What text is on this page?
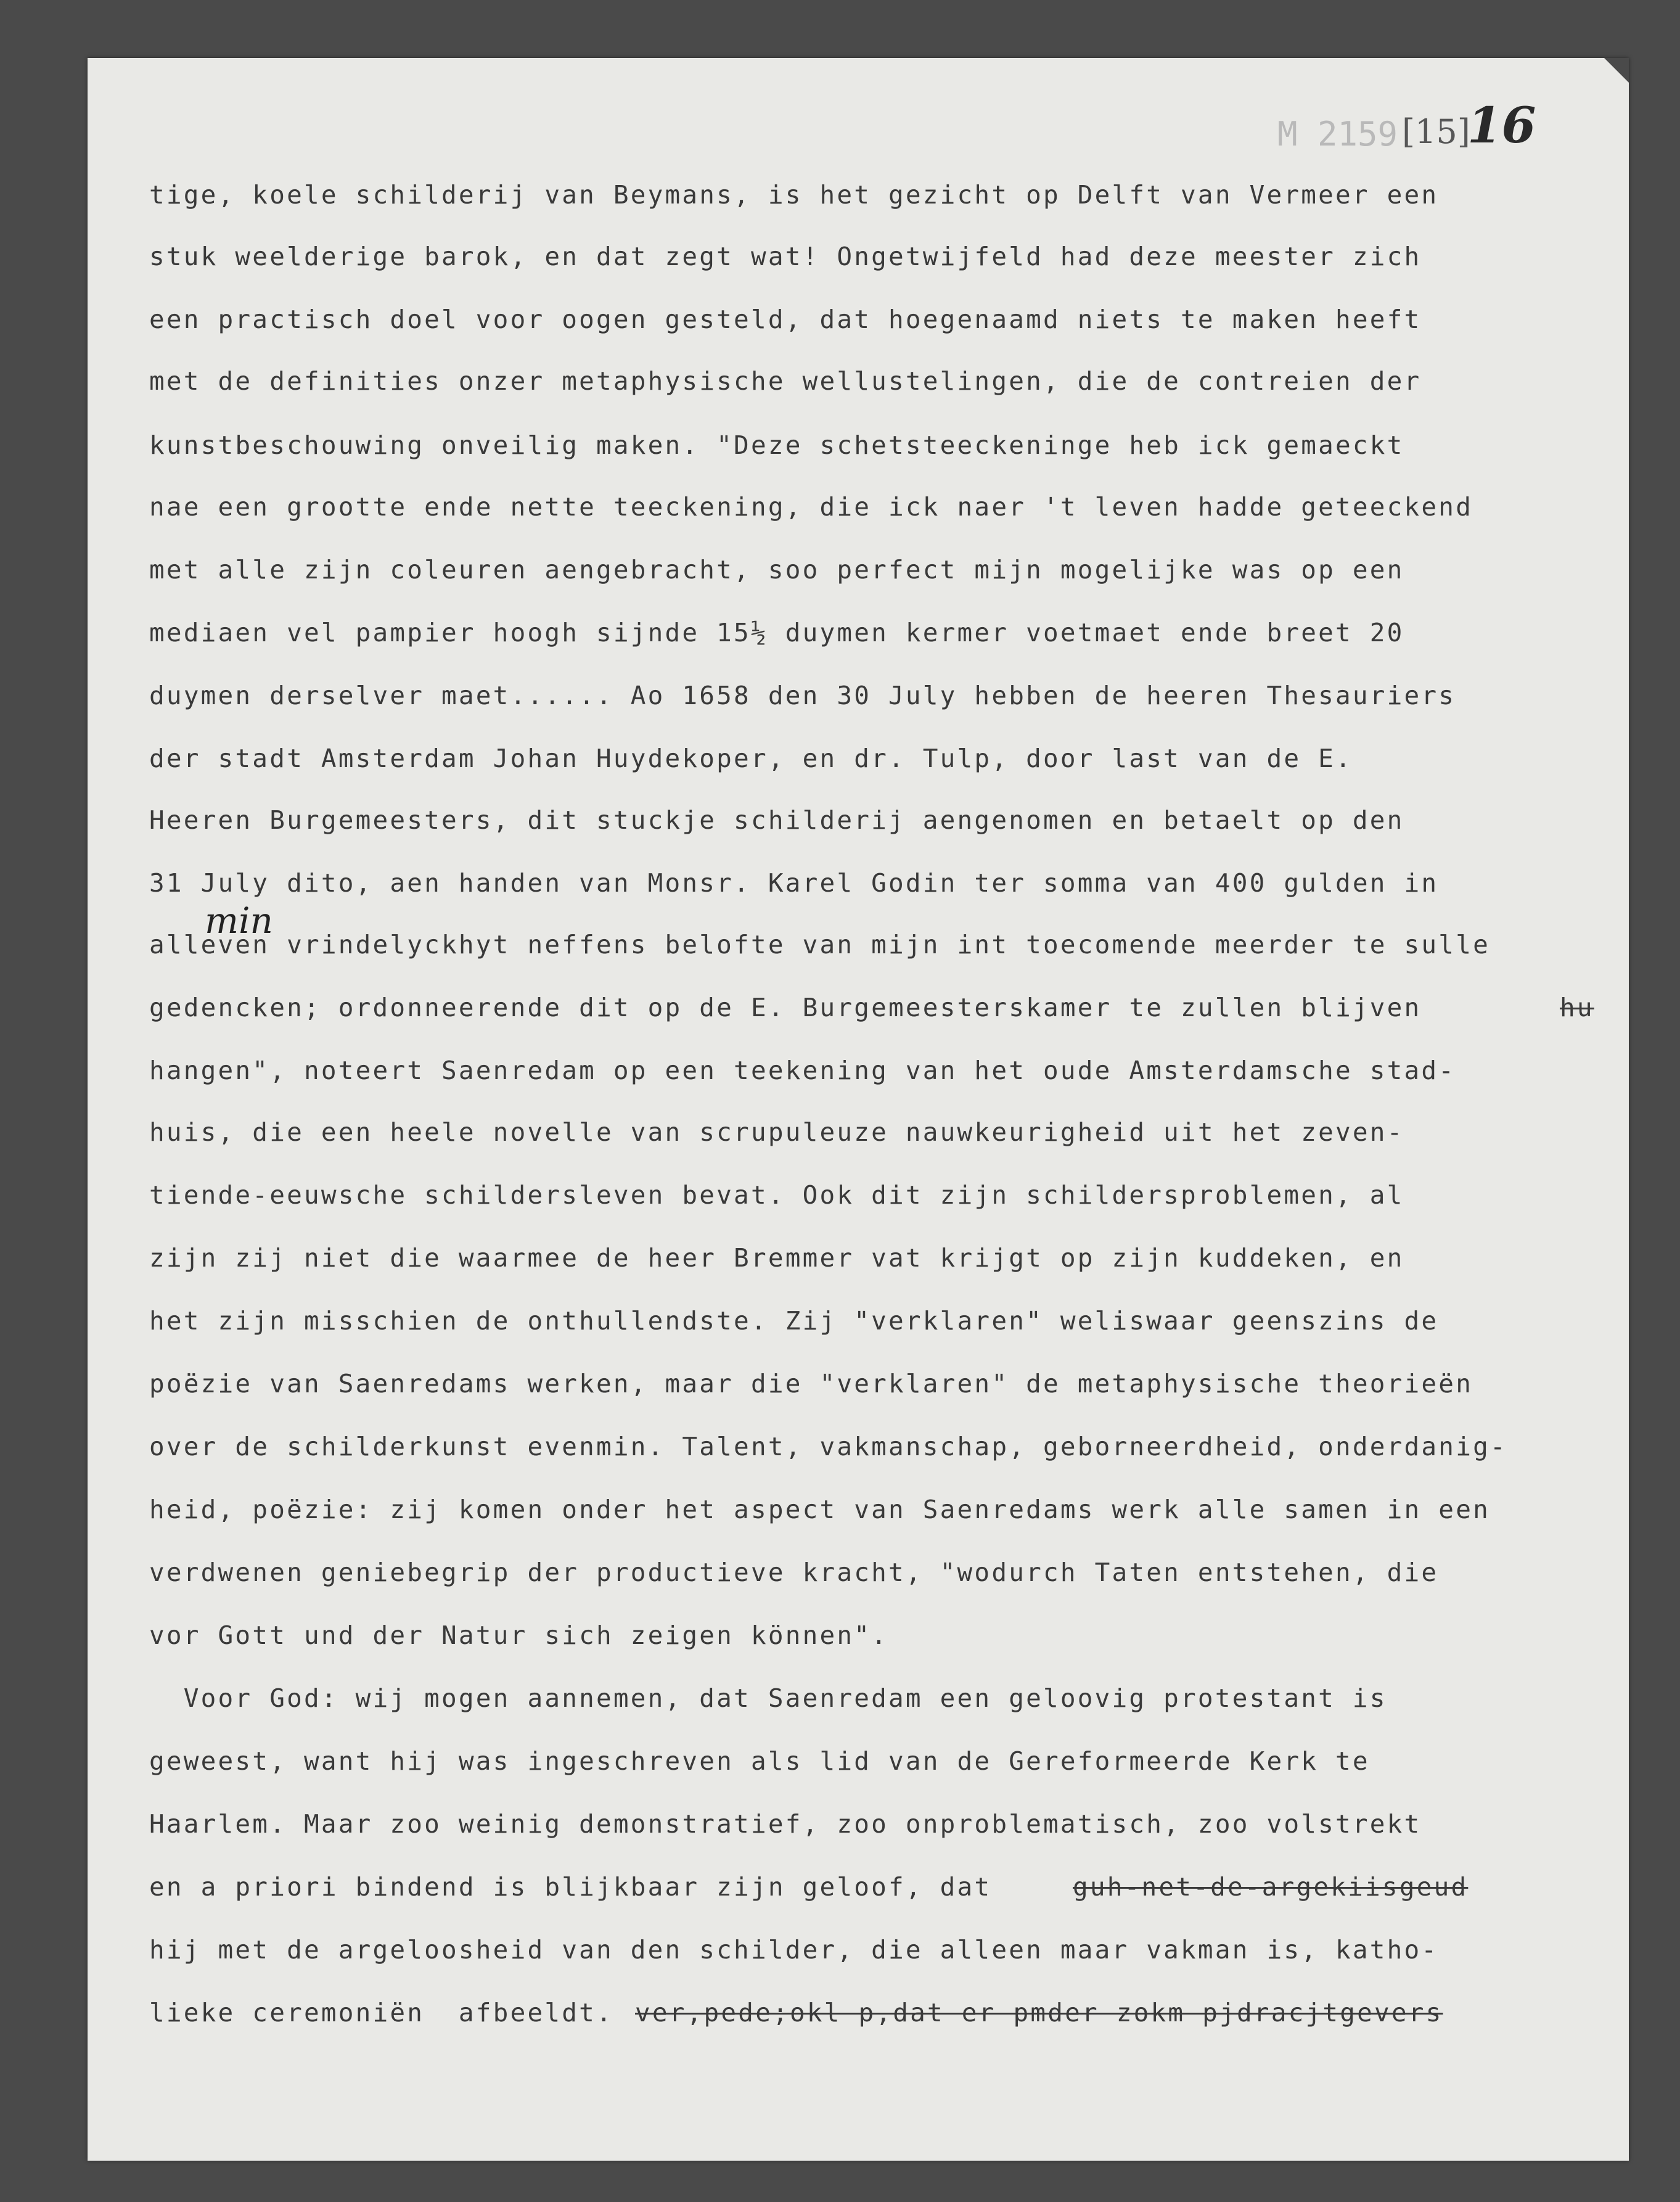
M 2159 [15]
16
tige, koele schilderij van Beymans, is het gezicht op Delft van Vermeer een
stuk weelderige barok, en dat zegt wat! Ongetwijfeld had deze meester zich
een practisch doel voor oogen gesteld, dat hoegenaamd niets te maken heeft
met de definities onzer metaphysische wellustelingen, die de contreien der
kunstbeschouwing onveilig maken. "Deze schetsteeckeninge heb ick gemaeckt
nae een grootte ende nette teeckening, die ick naer 't leven hadde geteeckend
met alle zijn coleuren aengebracht, soo perfect mijn mogelijke was op een
mediaen vel pampier hoogh sijnde 15½ duymen kermer voetmaet ende breet 20
duymen derselver maet...... Ao 1658 den 30 July hebben de heeren Thesauriers
der stadt Amsterdam Johan Huydekoper, en dr. Tulp, door last van de E.
Heeren Burgemeesters, dit stuckje schilderij aengenomen en betaelt op den
31 July dito, aen handen van Monsr. Karel Godin ter somma van 400 gulden in
min
alleven vrindelyckhyt neffens belofte van mijn int toecomende meerder te sulle
gedencken; ordonneerende dit op de E. Burgemeesterskamer te zullen blijven	hu
hangen", noteert Saenredam op een teekening van het oude Amsterdamsche stad-
huis, die een heele novelle van scrupuleuze nauwkeurigheid uit het zeven-
tiende-eeuwsche schildersleven bevat. Ook dit zijn schildersproblemen, al
zijn zij niet die waarmee de heer Bremmer vat krijgt op zijn kuddeken, en
het zijn misschien de onthullendste. Zij "verklaren" weliswaar geenszins de
poëzie van Saenredams werken, maar die "verklaren" de metaphysische theorieën
over de schilderkunst evenmin. Talent, vakmanschap, geborneerdheid, onderdanig-
heid, poëzie: zij komen onder het aspect van Saenredams werk alle samen in een
verdwenen geniebegrip der productieve kracht, "wodurch Taten entstehen, die
vor Gott und der Natur sich zeigen können".
Voor God: wij mogen aannemen, dat Saenredam een geloovig protestant is
geweest, want hij was ingeschreven als lid van de Gereformeerde Kerk te
Haarlem. Maar zoo weinig demonstratief, zoo onproblematisch, zoo volstrekt
en a priori bindend is blijkbaar zijn geloof, dat	guh-net-de-argekiisgeud
hij met de argeloosheid van den schilder, die alleen maar vakman is, katho-
lieke ceremoniën  afbeeldt. ver,pede;okl p,dat er pmder zokm pjdracjtgevers
